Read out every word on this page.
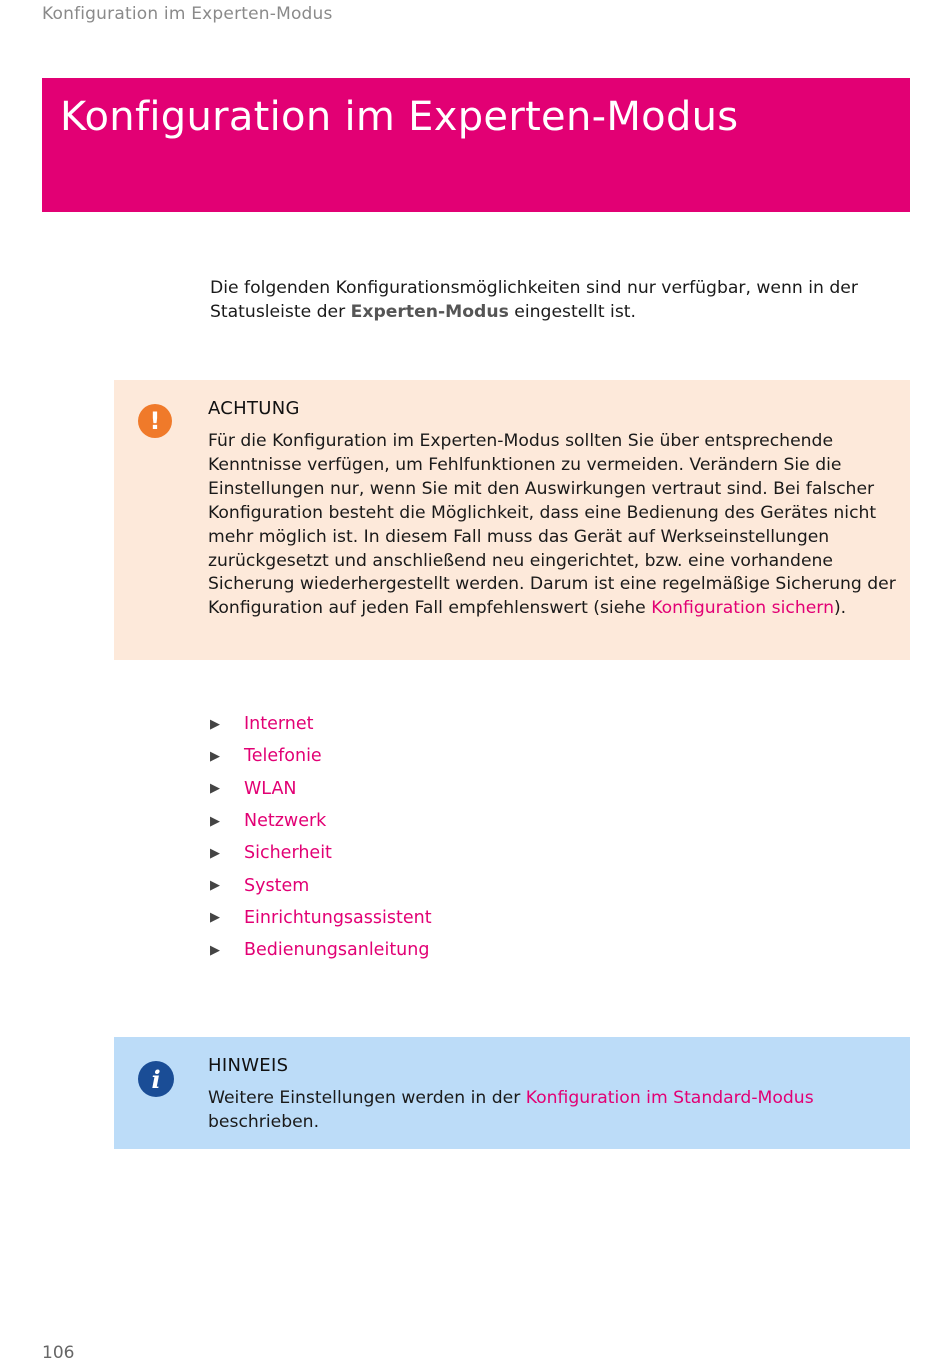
Konfiguration im Experten-Modus
Konfiguration im Experten-Modus

Die folgenden Konfigurationsmöglichkeiten sind nur verfügbar, wenn in der Statusleiste der Experten-Modus eingestellt ist.

!	ACHTUNG

Für die Konfiguration im Experten-Modus sollten Sie über entsprechende Kenntnisse verfügen, um Fehlfunktionen zu vermeiden. Verändern Sie die Einstellungen nur, wenn Sie mit den Auswirkungen vertraut sind. Bei falscher Konfiguration besteht die Möglichkeit, dass eine Bedienung des Gerätes nicht mehr möglich ist. In diesem Fall muss das Gerät auf Werkseinstellungen zurückgesetzt und anschließend neu eingerichtet, bzw. eine vorhandene Sicherung wiederhergestellt werden. Darum ist eine regelmäßige Sicherung der Konfiguration auf jeden Fall empfehlenswert (siehe Konfiguration sichern).

▶	Internet
▶	Telefonie
▶	WLAN
▶	Netzwerk
▶	Sicherheit
▶	System
▶	Einrichtungsassistent
▶	Bedienungsanleitung
i	HINWEIS

Weitere Einstellungen werden in der Konfiguration im Standard-Modus beschrieben.

106
